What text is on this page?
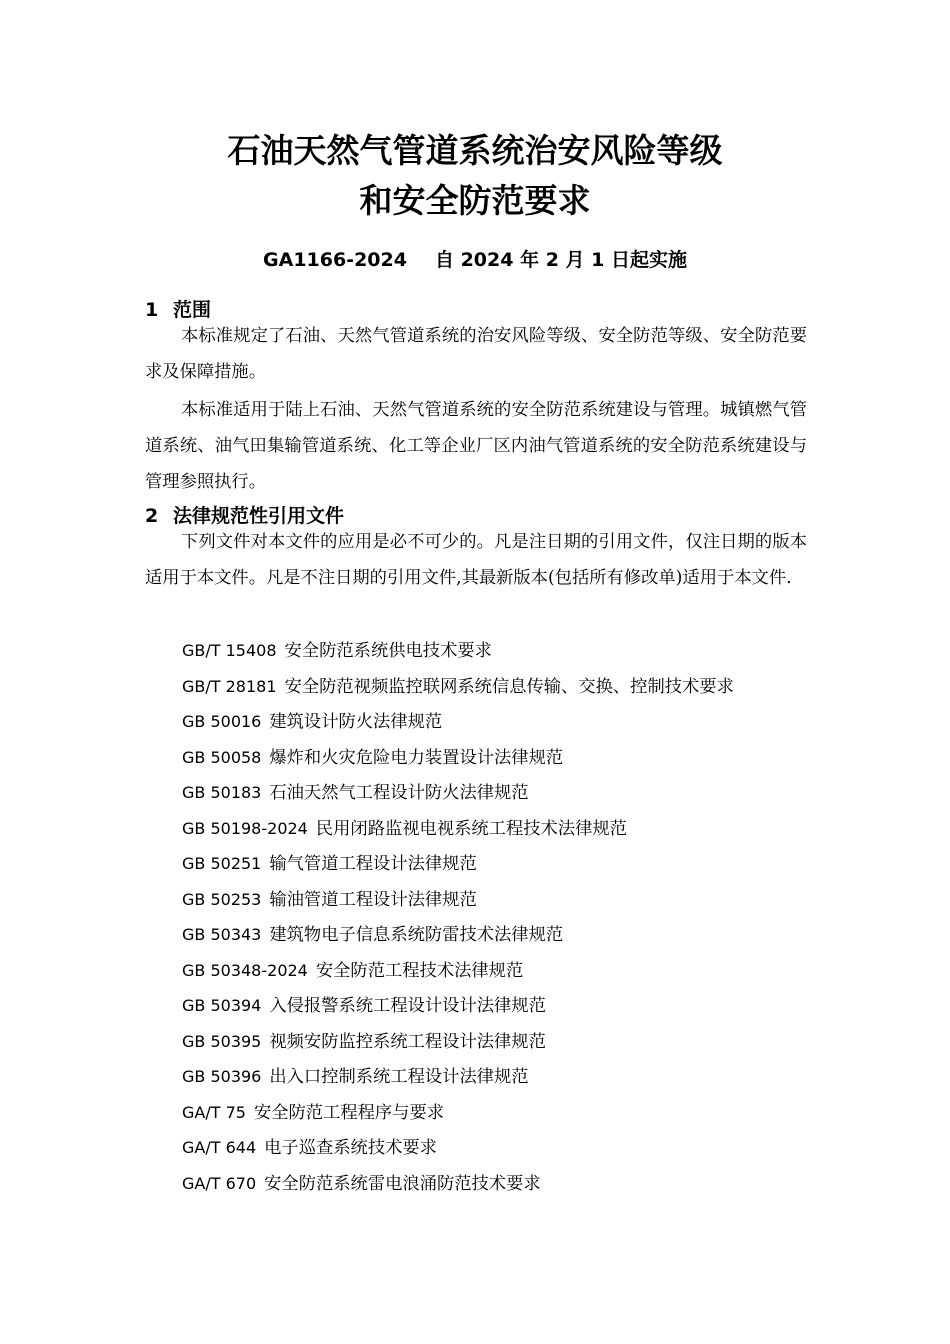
石油天然气管道系统治安风险等级
和安全防范要求
GA1166-2024 自 2024 年 2 月 1 日起实施
1 范围
本标准规定了石油、天然气管道系统的治安风险等级、安全防范等级、安全防范要求及保障措施。
本标准适用于陆上石油、天然气管道系统的安全防范系统建设与管理。城镇燃气管道系统、油气田集输管道系统、化工等企业厂区内油气管道系统的安全防范系统建设与管理参照执行。
2 法律规范性引用文件
下列文件对本文件的应用是必不可少的。凡是注日期的引用文件，仅注日期的版本适用于本文件。凡是不注日期的引用文件,其最新版本(包括所有修改单)适用于本文件.
GB/T 15408 安全防范系统供电技术要求
GB/T 28181 安全防范视频监控联网系统信息传输、交换、控制技术要求
GB 50016 建筑设计防火法律规范
GB 50058 爆炸和火灾危险电力装置设计法律规范
GB 50183 石油天然气工程设计防火法律规范
GB 50198-2024 民用闭路监视电视系统工程技术法律规范
GB 50251 输气管道工程设计法律规范
GB 50253 输油管道工程设计法律规范
GB 50343 建筑物电子信息系统防雷技术法律规范
GB 50348-2024 安全防范工程技术法律规范
GB 50394 入侵报警系统工程设计设计法律规范
GB 50395 视频安防监控系统工程设计法律规范
GB 50396 出入口控制系统工程设计法律规范
GA/T 75 安全防范工程程序与要求
GA/T 644 电子巡查系统技术要求
GA/T 670 安全防范系统雷电浪涌防范技术要求
